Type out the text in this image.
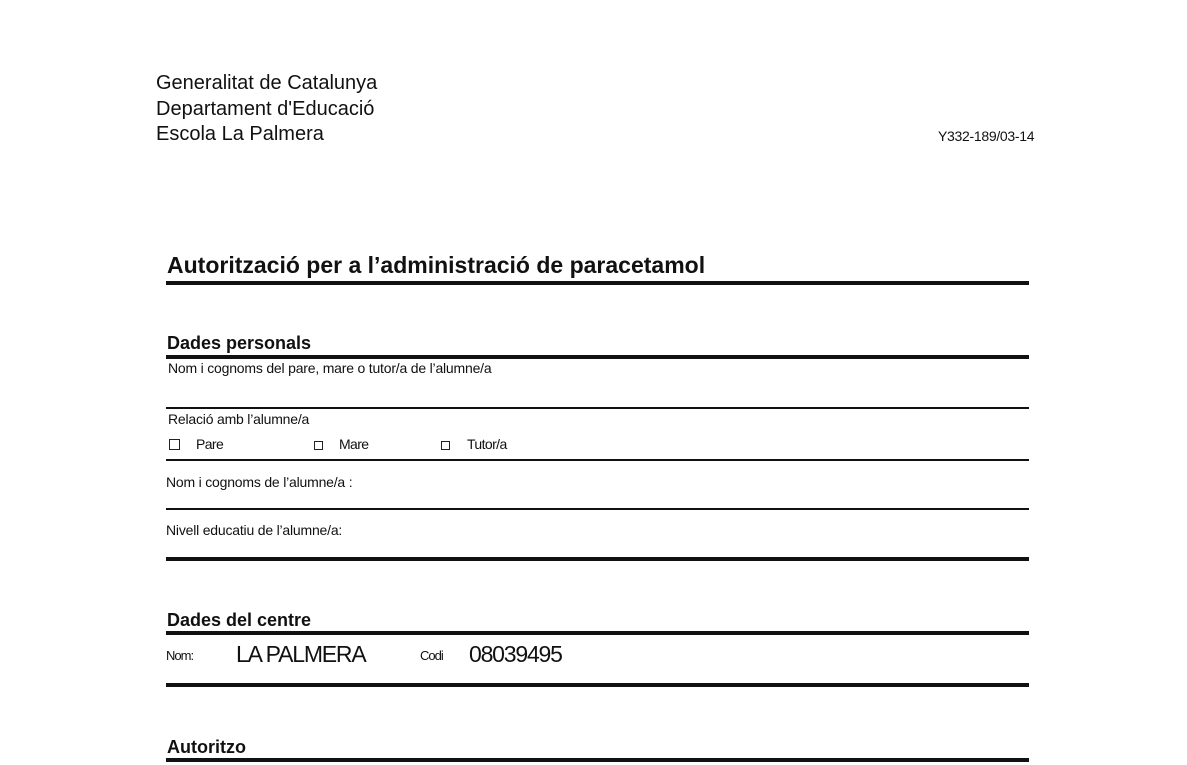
Generalitat de Catalunya
Departament d'Educació
Escola La Palmera	Y332-189/03-14
Autorització per a l’administració de paracetamol
Dades personals
Nom i cognoms del pare, mare o tutor/a de l’alumne/a
Relació amb l’alumne/a
Pare	Mare	Tutor/a
Nom i cognoms de l’alumne/a :
Nivell educatiu de l’alumne/a:
Dades del centre
Nom: LA PALMERA	Codi 08039495
Autoritzo
